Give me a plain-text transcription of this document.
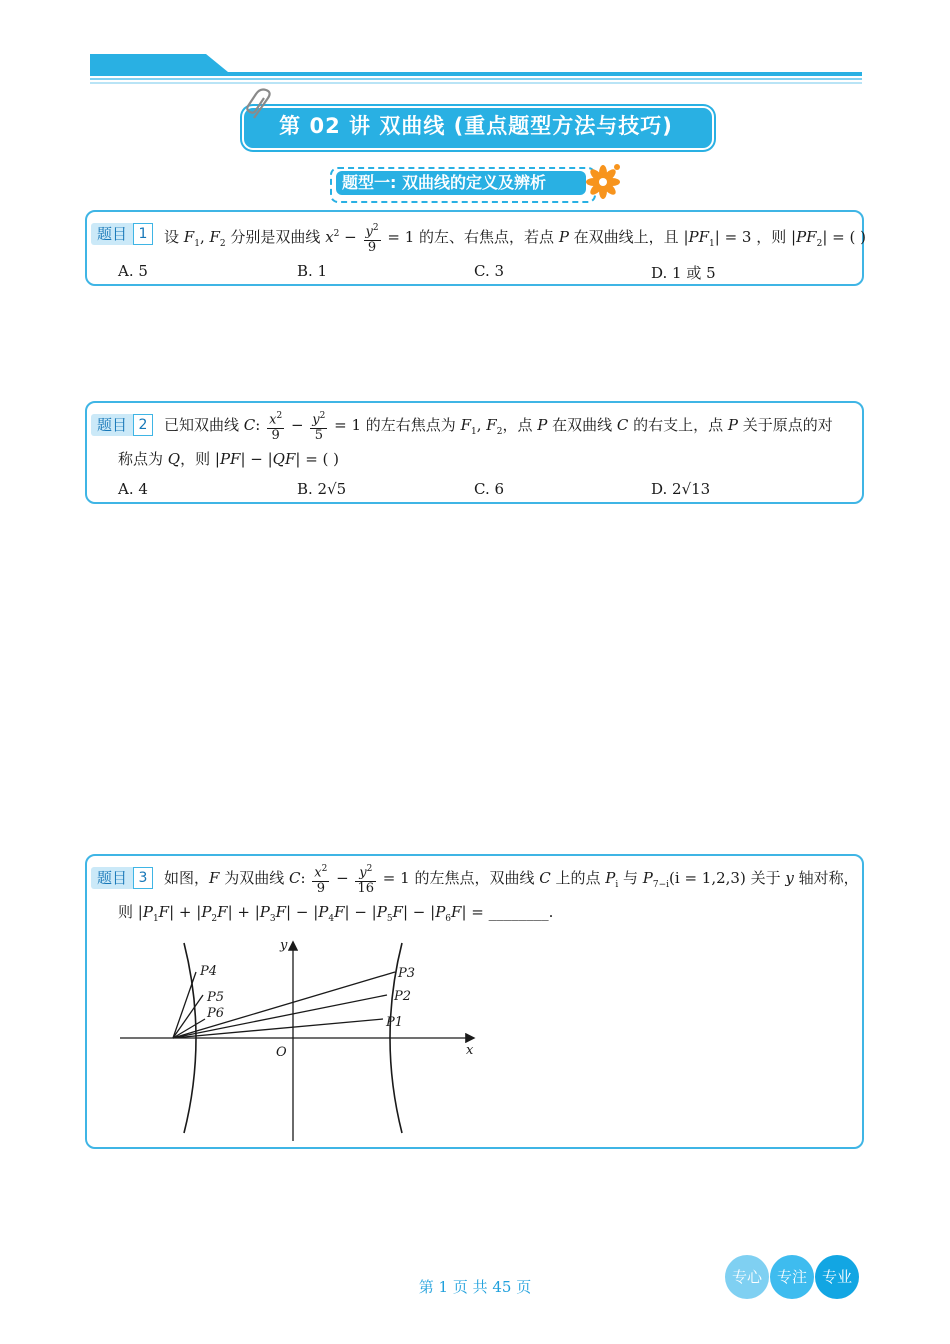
第 02 讲 双曲线 (重点题型方法与技巧)
题型一: 双曲线的定义及辨析
题目 1	设 $F_1$, $F_2$ 分别是双曲线 $x^2 - \frac{y^2}{9} = 1$ 的左、右焦点，若点 P 在双曲线上，且 $|PF_1| = 3$ ，则 $|PF_2|$ = ( )
A. 5	B. 1	C. 3	D. 1 或 5
题目 2	已知双曲线 C: $\frac{x^2}{9} - \frac{y^2}{5} = 1$ 的左右焦点为 $F_1$, $F_2$，点 P 在双曲线 C 的右支上，点 P 关于原点的对
称点为 Q，则 |PF| − |QF| = ( )
A. 4	B. 2√5	C. 6	D. 2√13
题目 3	如图，F 为双曲线 C: $\frac{x^2}{9} - \frac{y^2}{16} = 1$ 的左焦点，双曲线 C 上的点 $P_i$ 与 $P_{7-i}(i = 1,2,3)$ 关于 y 轴对称，
则 $|P_1F| + |P_2F| + |P_3F| - |P_4F| - |P_5F| - |P_6F|$ = ________.
y
x
O
P3
P2
P1
P4
P5
P6
第 1 页 共 45 页
专心 专注 专业
